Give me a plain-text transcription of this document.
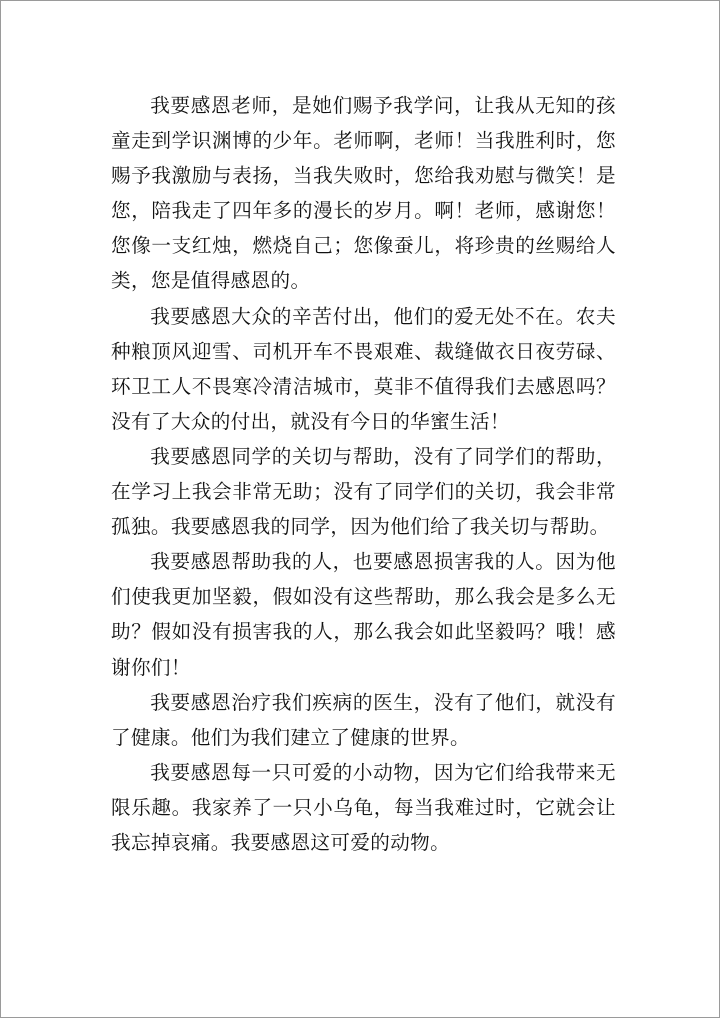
我要感恩老师，是她们赐予我学问，让我从无知的孩童走到学识渊博的少年。老师啊，老师！当我胜利时，您赐予我激励与表扬，当我失败时，您给我劝慰与微笑！是您，陪我走了四年多的漫长的岁月。啊！老师，感谢您！您像一支红烛，燃烧自己；您像蚕儿，将珍贵的丝赐给人类，您是值得感恩的。

我要感恩大众的辛苦付出，他们的爱无处不在。农夫种粮顶风迎雪、司机开车不畏艰难、裁缝做衣日夜劳碌、环卫工人不畏寒冷清洁城市，莫非不值得我们去感恩吗？没有了大众的付出，就没有今日的华蜜生活！

我要感恩同学的关切与帮助，没有了同学们的帮助，在学习上我会非常无助；没有了同学们的关切，我会非常孤独。我要感恩我的同学，因为他们给了我关切与帮助。

我要感恩帮助我的人，也要感恩损害我的人。因为他们使我更加坚毅，假如没有这些帮助，那么我会是多么无助？假如没有损害我的人，那么我会如此坚毅吗？哦！感谢你们！

我要感恩治疗我们疾病的医生，没有了他们，就没有了健康。他们为我们建立了健康的世界。

我要感恩每一只可爱的小动物，因为它们给我带来无限乐趣。我家养了一只小乌龟，每当我难过时，它就会让我忘掉哀痛。我要感恩这可爱的动物。
